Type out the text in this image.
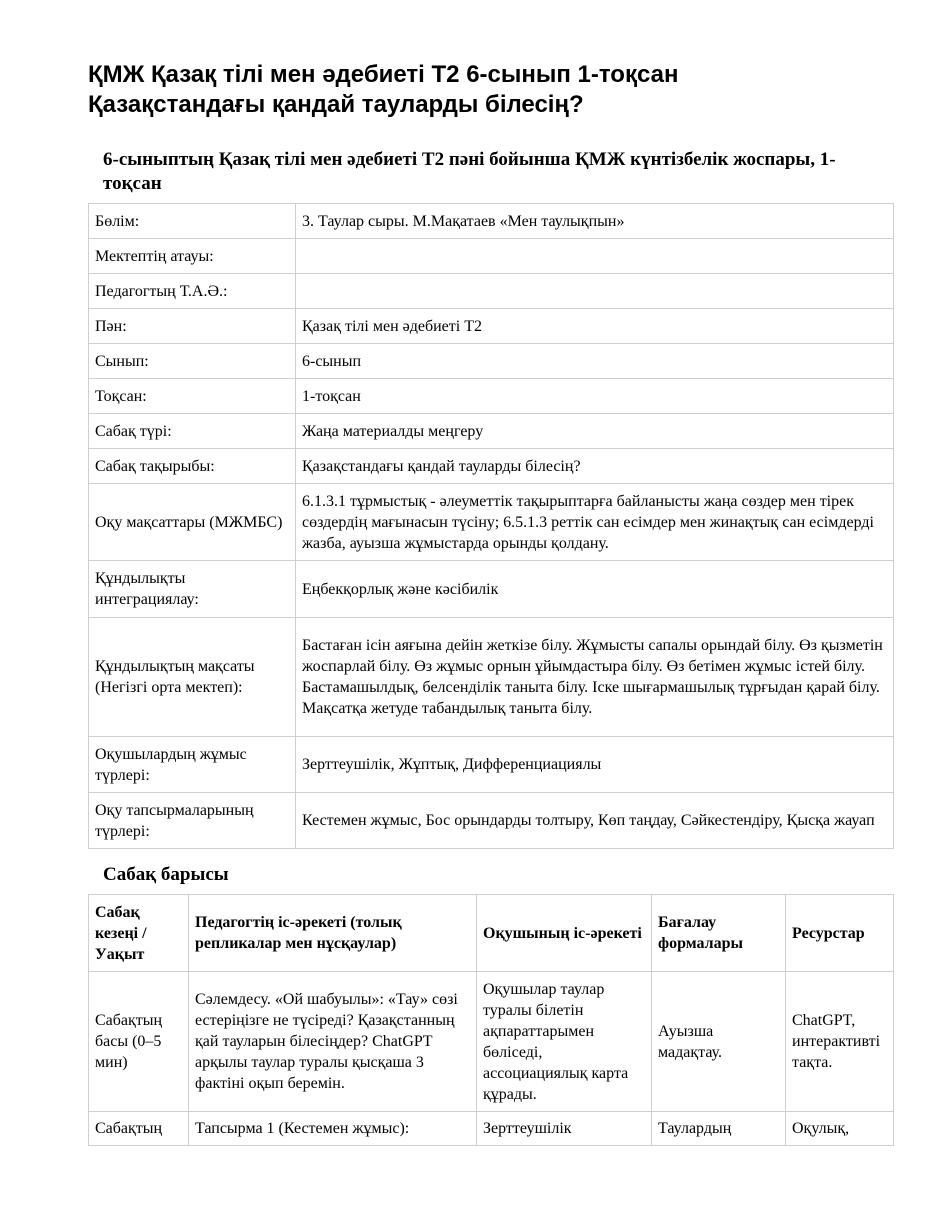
ҚМЖ Қазақ тілі мен әдебиеті Т2 6-сынып 1-тоқсан
Қазақстандағы қандай тауларды білесің?
6-сыныптың Қазақ тілі мен әдебиеті Т2 пәні бойынша ҚМЖ күнтізбелік жоспары, 1-тоқсан
Бөлім:	3. Таулар сыры. М.Мақатаев «Мен таулықпын»
Мектептің атауы:	
Педагогтың Т.А.Ә.:	
Пән:	Қазақ тілі мен әдебиеті Т2
Сынып:	6-сынып
Тоқсан:	1-тоқсан
Сабақ түрі:	Жаңа материалды меңгеру
Сабақ тақырыбы:	Қазақстандағы қандай тауларды білесің?
Оқу мақсаттары (МЖМБС)	6.1.3.1 тұрмыстық - әлеуметтік тақырыптарға байланысты жаңа сөздер мен тірек сөздердің мағынасын түсіну; 6.5.1.3 реттік сан есімдер мен жинақтық сан есімдерді жазба, ауызша жұмыстарда орынды қолдану.
Құндылықты интеграциялау:	Еңбекқорлық және кәсібилік
Құндылықтың мақсаты (Негізгі орта мектеп):	Бастаған ісін аяғына дейін жеткізе білу. Жұмысты сапалы орындай білу. Өз қызметін жоспарлай білу. Өз жұмыс орнын ұйымдастыра білу. Өз бетімен жұмыс істей білу. Бастамашылдық, белсенділік таныта білу. Іске шығармашылық тұрғыдан қарай білу. Мақсатқа жетуде табандылық таныта білу.
Оқушылардың жұмыс түрлері:	Зерттеушілік, Жұптық, Дифференциациялы
Оқу тапсырмаларының түрлері:	Кестемен жұмыс, Бос орындарды толтыру, Көп таңдау, Сәйкестендіру, Қысқа жауап
Сабақ барысы
Сабақ кезеңі / Уақыт	Педагогтің іс-әрекеті (толық репликалар мен нұсқаулар)	Оқушының іс-әрекеті	Бағалау формалары	Ресурстар
Сабақтың басы (0–5 мин)	Сәлемдесу. «Ой шабуылы»: «Тау» сөзі естеріңізге не түсіреді? Қазақстанның қай тауларын білесіңдер? ChatGPT арқылы таулар туралы қысқаша 3 фактіні оқып беремін.	Оқушылар таулар туралы білетін ақпараттарымен бөліседі, ассоциациялық карта құрады.	Ауызша мадақтау.	ChatGPT, интерактивті тақта.
Сабақтың	Тапсырма 1 (Кестемен жұмыс):	Зерттеушілік	Таулардың	Оқулық,
